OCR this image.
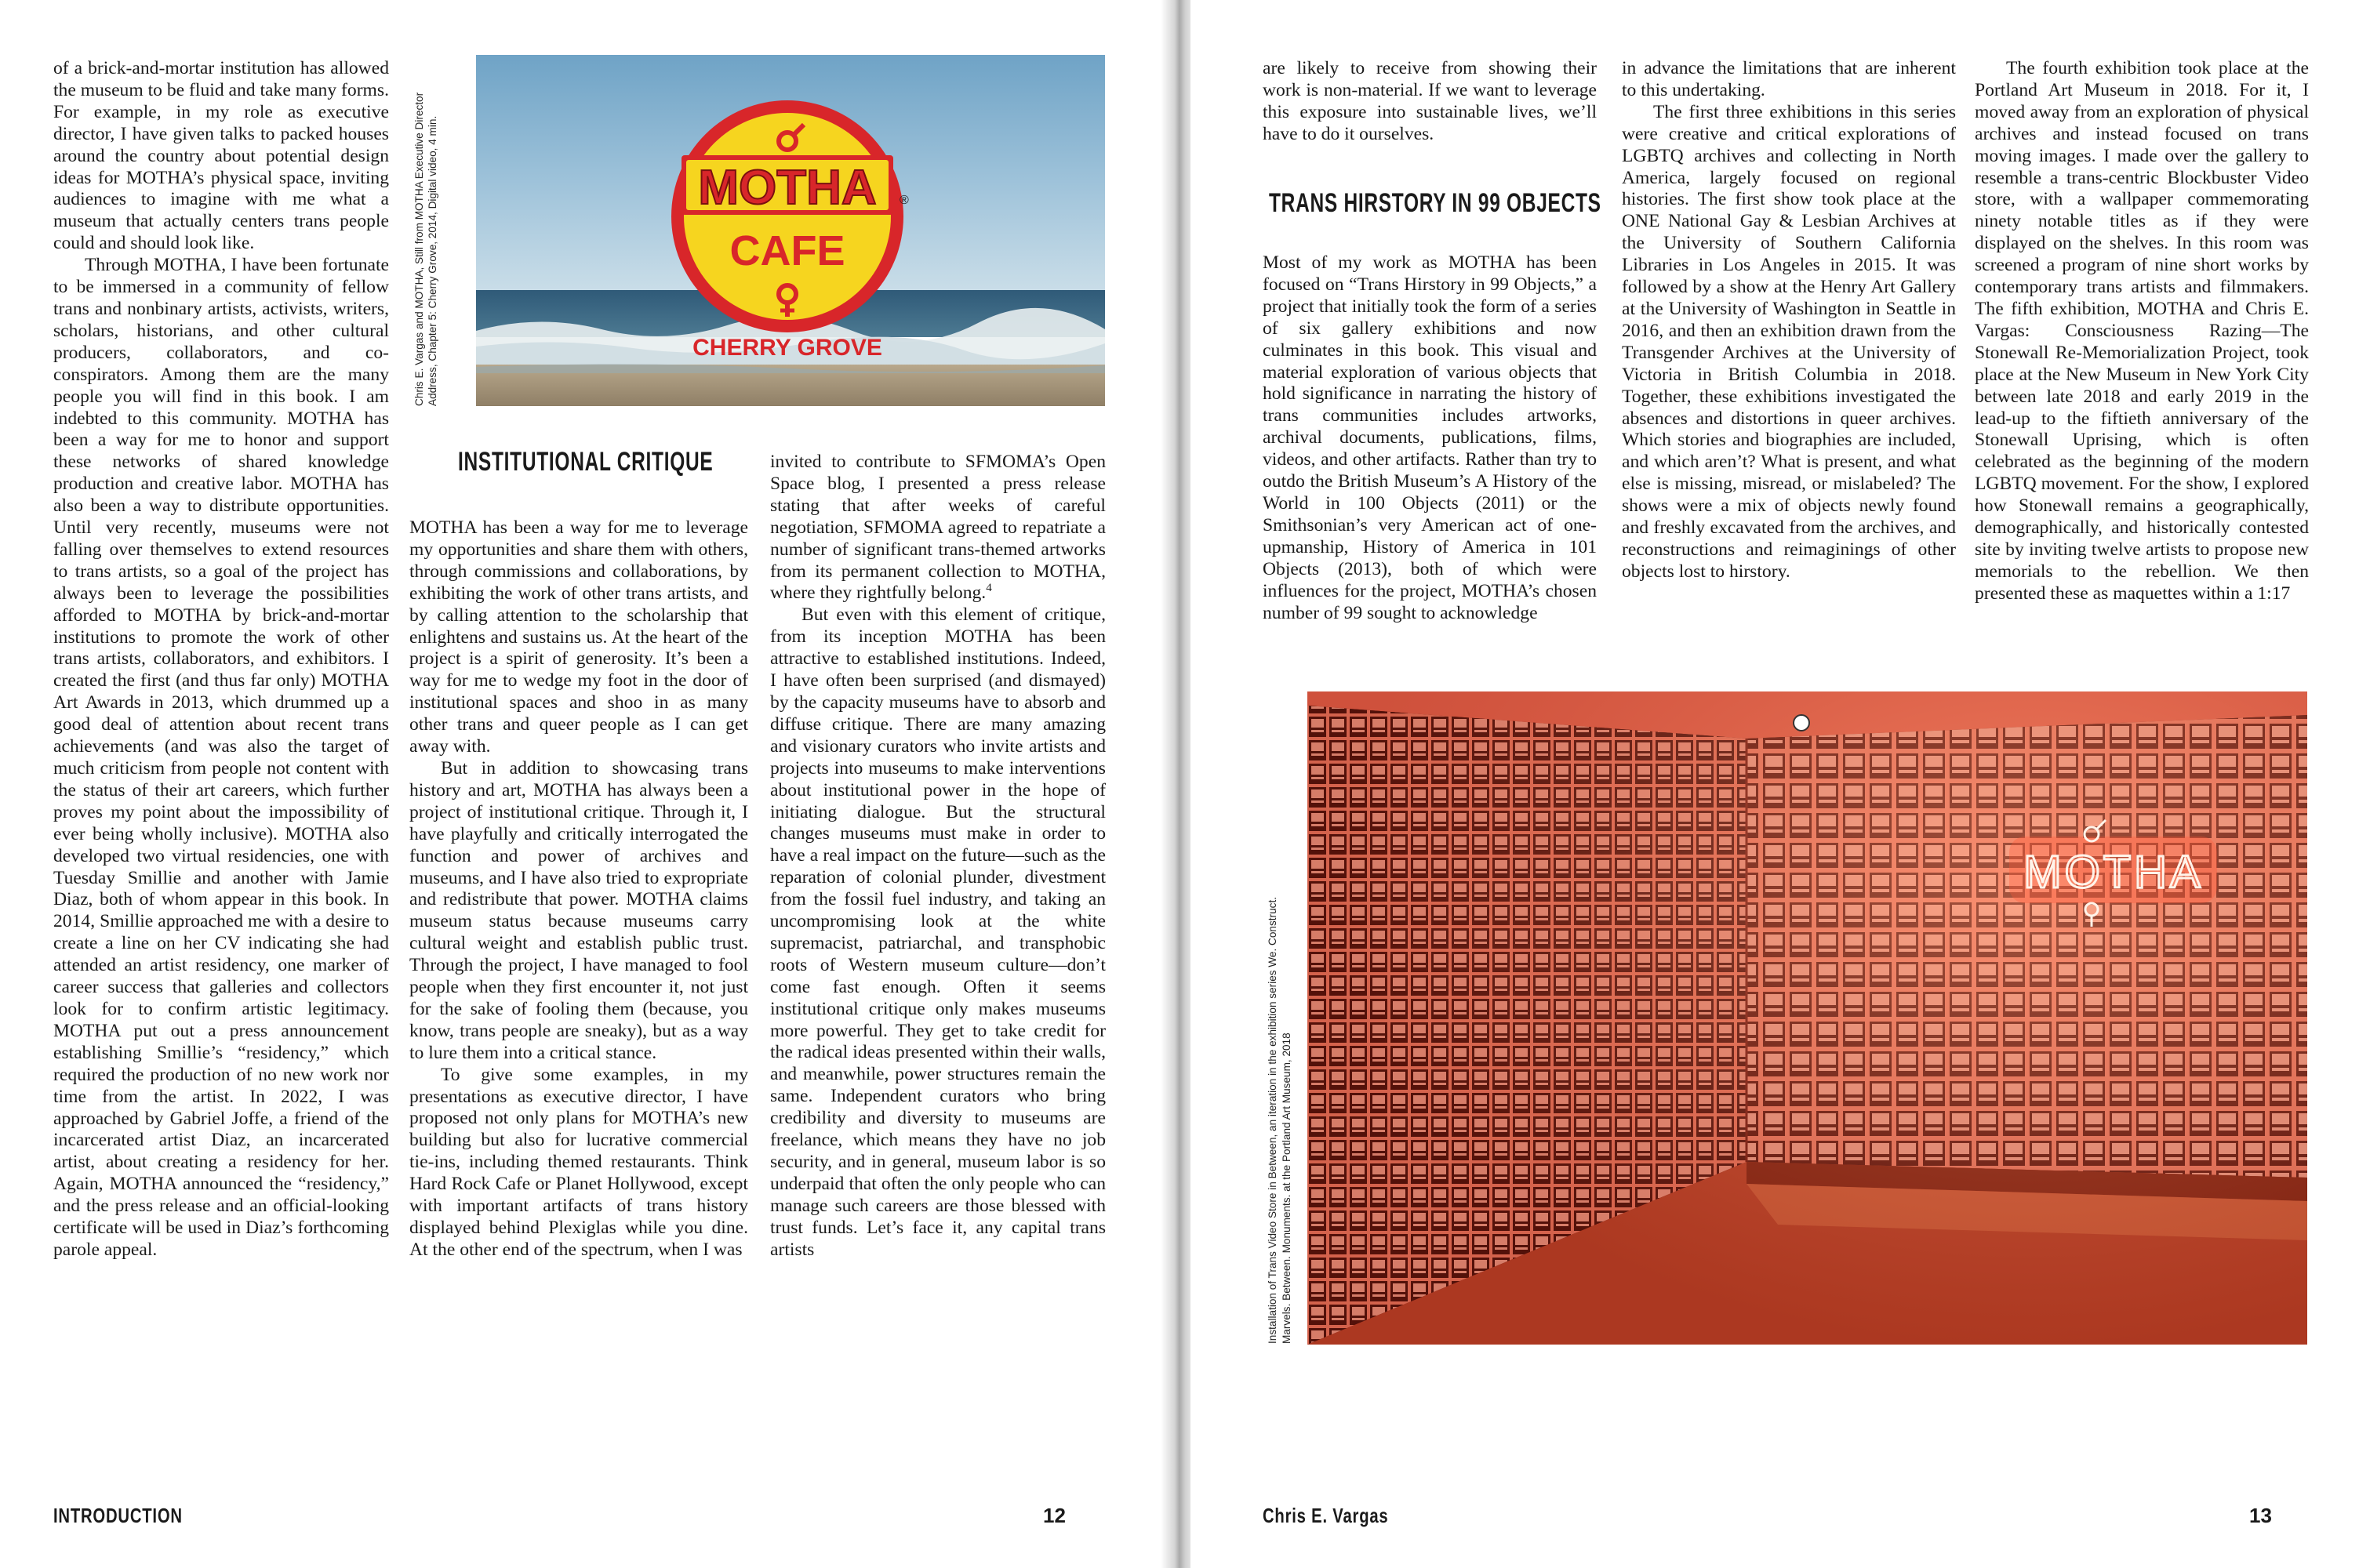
of a brick-and-mortar institution has allowed the museum to be fluid and take many forms. For example, in my role as executive director, I have given talks to packed houses around the country about potential design ideas for MOTHA’s physical space, inviting audiences to imagine with me what a museum that actually centers trans people could and should look like.

Through MOTHA, I have been fortunate to be immersed in a community of fellow trans and nonbinary artists, activists, writers, scholars, historians, and other cultural producers, collaborators, and co-conspirators. Among them are the many people you will find in this book. I am indebted to this community. MOTHA has been a way for me to honor and support these networks of shared knowledge production and creative labor. MOTHA has also been a way to distribute opportunities. Until very recently, museums were not falling over themselves to extend resources to trans artists, so a goal of the project has always been to leverage the possibilities afforded to MOTHA by brick-and-mortar institutions to promote the work of other trans artists, collaborators, and exhibitors. I created the first (and thus far only) MOTHA Art Awards in 2013, which drummed up a good deal of attention about recent trans achievements (and was also the target of much criticism from people not content with the status of their art careers, which further proves my point about the impossibility of ever being wholly inclusive). MOTHA also developed two virtual residencies, one with Tuesday Smillie and another with Jamie Diaz, both of whom appear in this book. In 2014, Smillie approached me with a desire to create a line on her CV indicating she had attended an artist residency, one marker of career success that galleries and collectors look for to confirm artistic legitimacy. MOTHA put out a press announcement establishing Smillie’s “residency,” which required the production of no new work nor time from the artist. In 2022, I was approached by Gabriel Joffe, a friend of the incarcerated artist Diaz, an incarcerated artist, about creating a residency for her. Again, MOTHA announced the “residency,” and the press release and an official-looking certificate will be used in Diaz’s forthcoming parole appeal.

MOTHA
CAFE
®
CHERRY GROVE
Chris E. Vargas and MOTHA, Still from MOTHA Executive Director Address, Chapter 5: Cherry Grove, 2014, Digital video, 4 min.
INSTITUTIONAL CRITIQUE

MOTHA has been a way for me to leverage my opportunities and share them with others, through commissions and collaborations, by exhibiting the work of other trans artists, and by calling attention to the scholarship that enlightens and sustains us. At the heart of the project is a spirit of generosity. It’s been a way for me to wedge my foot in the door of institutional spaces and shoo in as many other trans and queer people as I can get away with.

But in addition to showcasing trans history and art, MOTHA has always been a project of institutional critique. Through it, I have playfully and critically interrogated the function and power of archives and museums, and I have also tried to expropriate and redistribute that power. MOTHA claims museum status because museums carry cultural weight and establish public trust. Through the project, I have managed to fool people when they first encounter it, not just for the sake of fooling them (because, you know, trans people are sneaky), but as a way to lure them into a critical stance.

To give some examples, in my presentations as executive director, I have proposed not only plans for MOTHA’s new building but also for lucrative commercial tie-ins, including themed restaurants. Think Hard Rock Cafe or Planet Hollywood, except with important artifacts of trans history displayed behind Plexiglas while you dine. At the other end of the spectrum, when I was

invited to contribute to SFMOMA’s Open Space blog, I presented a press release stating that after weeks of careful negotiation, SFMOMA agreed to repatriate a number of significant trans-themed artworks from its permanent collection to MOTHA, where they rightfully belong.$^4$

But even with this element of critique, from its inception MOTHA has been attractive to established institutions. Indeed, I have often been surprised (and dismayed) by the capacity museums have to absorb and diffuse critique. There are many amazing and visionary curators who invite artists and projects into museums to make interventions about institutional power in the hope of initiating dialogue. But the structural changes museums must make in order to have a real impact on the future—such as the reparation of colonial plunder, divestment from the fossil fuel industry, and taking an uncompromising look at the white supremacist, patriarchal, and transphobic roots of Western museum culture—don’t come fast enough. Often it seems institutional critique only makes museums more powerful. They get to take credit for the radical ideas presented within their walls, and meanwhile, power structures remain the same. Independent curators who bring credibility and diversity to museums are freelance, which means they have no job security, and in general, museum labor is so underpaid that often the only people who can manage such careers are those blessed with trust funds. Let’s face it, any capital trans artists

INTRODUCTION	12

are likely to receive from showing their work is non-material. If we want to leverage this exposure into sustainable lives, we’ll have to do it ourselves.

TRANS HIRSTORY IN 99 OBJECTS

Most of my work as MOTHA has been focused on “Trans Hirstory in 99 Objects,” a project that initially took the form of a series of six gallery exhibitions and now culminates in this book. This visual and material exploration of various objects that hold significance in narrating the history of trans communities includes artworks, archival documents, publications, films, videos, and other artifacts. Rather than try to outdo the British Museum’s A History of the World in 100 Objects (2011) or the Smithsonian’s very American act of one-upmanship, History of America in 101 Objects (2013), both of which were influences for the project, MOTHA’s chosen number of 99 sought to acknowledge

in advance the limitations that are inherent to this undertaking.

The first three exhibitions in this series were creative and critical explorations of LGBTQ archives and collecting in North America, largely focused on regional histories. The first show took place at the ONE National Gay & Lesbian Archives at the University of Southern California Libraries in Los Angeles in 2015. It was followed by a show at the Henry Art Gallery at the University of Washington in Seattle in 2016, and then an exhibition drawn from the Transgender Archives at the University of Victoria in British Columbia in 2018. Together, these exhibitions investigated the absences and distortions in queer archives. Which stories and biographies are included, and which aren’t? What is present, and what else is missing, misread, or mislabeled? The shows were a mix of objects newly found and freshly excavated from the archives, and reconstructions and reimaginings of other objects lost to hirstory.

The fourth exhibition took place at the Portland Art Museum in 2018. For it, I moved away from an exploration of physical archives and instead focused on trans moving images. I made over the gallery to resemble a trans-centric Blockbuster Video store, with a wallpaper commemorating ninety notable titles as if they were displayed on the shelves. In this room was screened a program of nine short works by contemporary trans artists and filmmakers. The fifth exhibition, MOTHA and Chris E. Vargas: Consciousness Razing—The Stonewall Re-Memorialization Project, took place at the New Museum in New York City between late 2018 and early 2019 in the lead-up to the fiftieth anniversary of the Stonewall Uprising, which is often celebrated as the beginning of the modern LGBTQ movement. For the show, I explored how Stonewall remains a geographically, demographically, and historically contested site by inviting twelve artists to propose new memorials to the rebellion. We then presented these as maquettes within a 1:17

Installation of Trans Video Store in Between, an iteration in the exhibition series We. Construct. Marvels. Between. Monuments. at the Portland Art Museum, 2018
MOTHA
Chris E. Vargas	13
